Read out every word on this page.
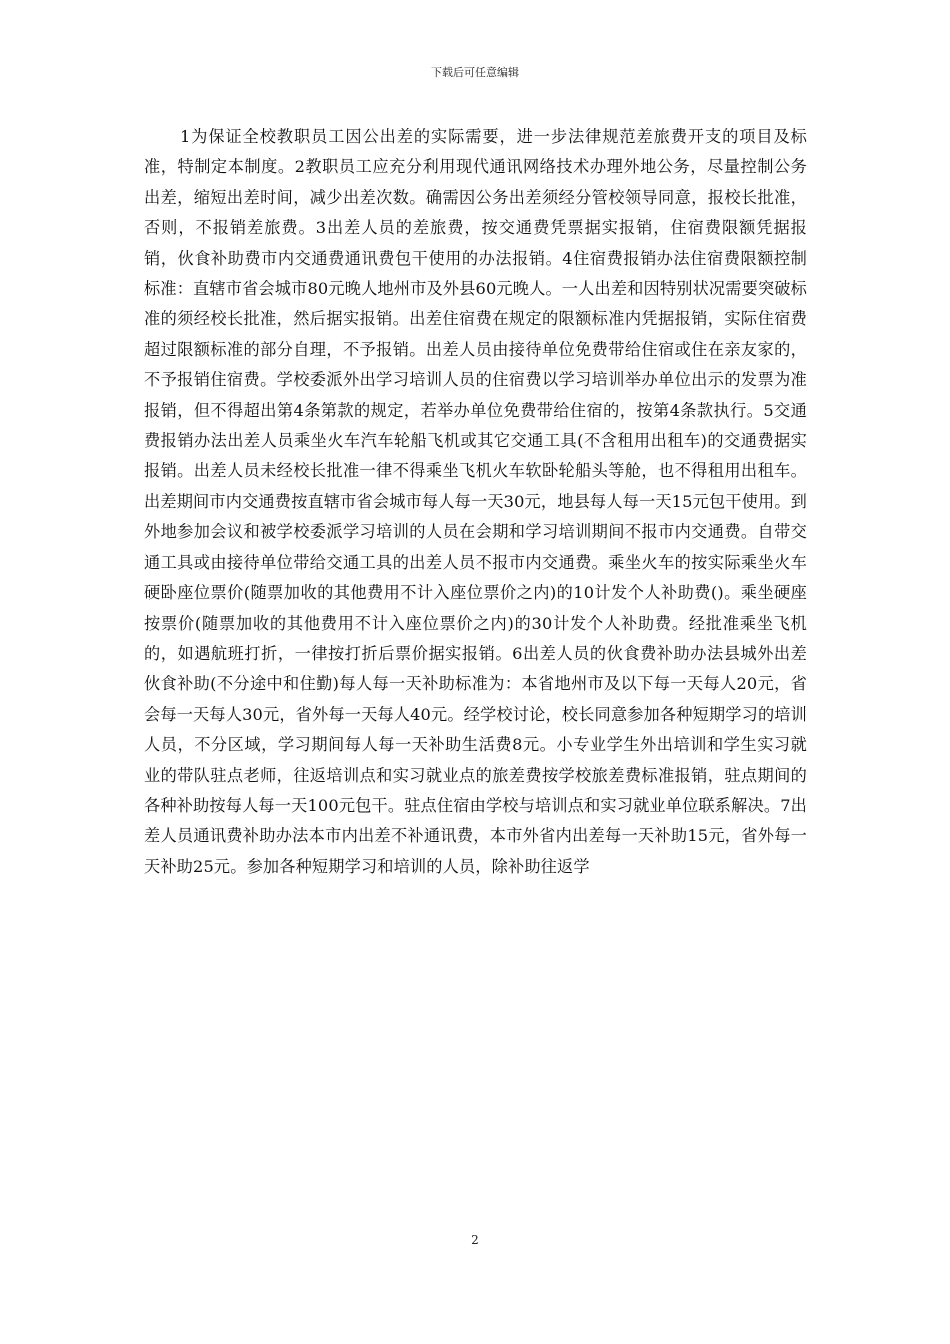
下载后可任意编辑

1为保证全校教职员工因公出差的实际需要，进一步法律规范差旅费开支的项目及标准，特制定本制度。2教职员工应充分利用现代通讯网络技术办理外地公务，尽量控制公务出差，缩短出差时间，减少出差次数。确需因公务出差须经分管校领导同意，报校长批准，否则，不报销差旅费。3出差人员的差旅费，按交通费凭票据实报销，住宿费限额凭据报销，伙食补助费市内交通费通讯费包干使用的办法报销。4住宿费报销办法住宿费限额控制标准：直辖市省会城市80元晚人地州市及外县60元晚人。一人出差和因特别状况需要突破标准的须经校长批准，然后据实报销。出差住宿费在规定的限额标准内凭据报销，实际住宿费超过限额标准的部分自理，不予报销。出差人员由接待单位免费带给住宿或住在亲友家的，不予报销住宿费。学校委派外出学习培训人员的住宿费以学习培训举办单位出示的发票为准报销，但不得超出第4条第款的规定，若举办单位免费带给住宿的，按第4条款执行。5交通费报销办法出差人员乘坐火车汽车轮船飞机或其它交通工具(不含租用出租车)的交通费据实报销。出差人员未经校长批准一律不得乘坐飞机火车软卧轮船头等舱，也不得租用出租车。出差期间市内交通费按直辖市省会城市每人每一天30元，地县每人每一天15元包干使用。到外地参加会议和被学校委派学习培训的人员在会期和学习培训期间不报市内交通费。自带交通工具或由接待单位带给交通工具的出差人员不报市内交通费。乘坐火车的按实际乘坐火车硬卧座位票价(随票加收的其他费用不计入座位票价之内)的10计发个人补助费()。乘坐硬座按票价(随票加收的其他费用不计入座位票价之内)的30计发个人补助费。经批准乘坐飞机的，如遇航班打折，一律按打折后票价据实报销。6出差人员的伙食费补助办法县城外出差伙食补助(不分途中和住勤)每人每一天补助标准为：本省地州市及以下每一天每人20元，省会每一天每人30元，省外每一天每人40元。经学校讨论，校长同意参加各种短期学习的培训人员，不分区域，学习期间每人每一天补助生活费8元。小专业学生外出培训和学生实习就业的带队驻点老师，往返培训点和实习就业点的旅差费按学校旅差费标准报销，驻点期间的各种补助按每人每一天100元包干。驻点住宿由学校与培训点和实习就业单位联系解决。7出差人员通讯费补助办法本市内出差不补通讯费，本市外省内出差每一天补助15元，省外每一天补助25元。参加各种短期学习和培训的人员，除补助往返学

2
